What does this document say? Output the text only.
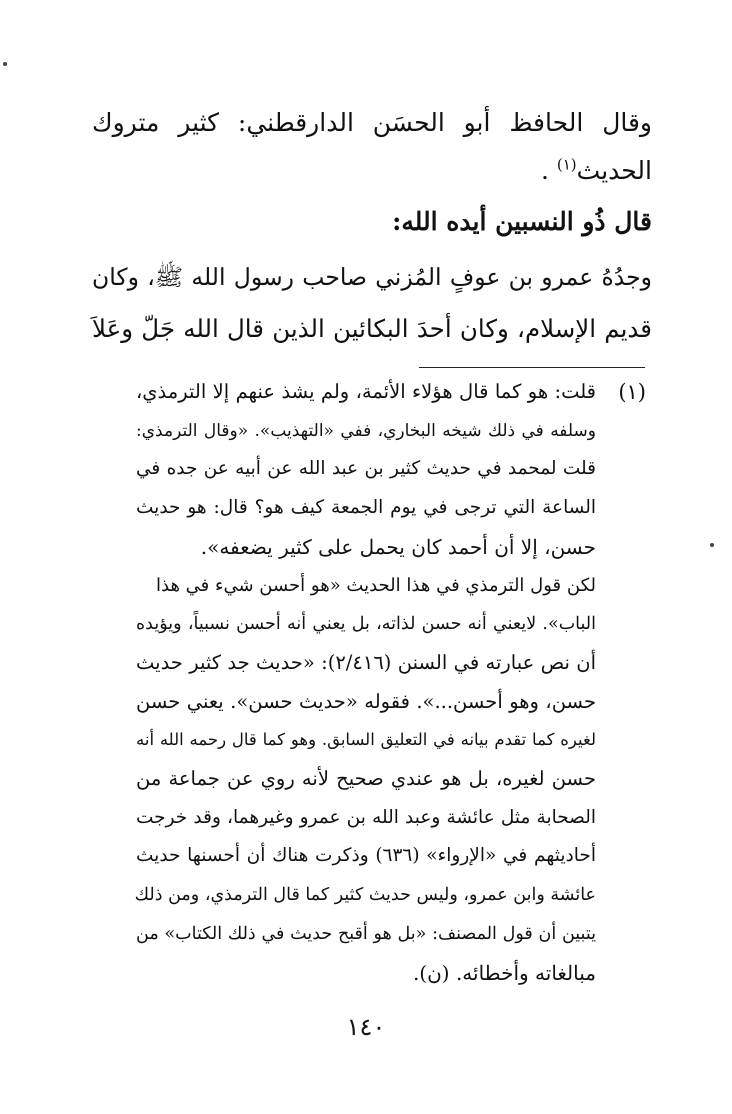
وقال الحافظ أبو الحسَن الدارقطني: كثير متروك
الحديث$^{(١)}$ .
قال ذُو النسبين أيده الله:
وجدُهُ عمرو بن عوفٍ المُزني صاحب رسول الله ﷺ، وكان
قديم الإسلام، وكان أحدَ البكائين الذين قال الله جَلّ وعَلاَ
(١)
قلت: هو كما قال هؤلاء الأئمة، ولم يشذ عنهم إلا الترمذي،
وسلفه في ذلك شيخه البخاري، ففي «التهذيب». «وقال الترمذي:
قلت لمحمد في حديث كثير بن عبد الله عن أبيه عن جده في
الساعة التي ترجى في يوم الجمعة كيف هو؟ قال: هو حديث
حسن، إلا أن أحمد كان يحمل على كثير يضعفه».
لكن قول الترمذي في هذا الحديث «هو أحسن شيء في هذا
الباب». لايعني أنه حسن لذاته، بل يعني أنه أحسن نسبياً، ويؤيده
أن نص عبارته في السنن (٢/٤١٦): «حديث جد كثير حديث
حسن، وهو أحسن...». فقوله «حديث حسن». يعني حسن
لغيره كما تقدم بيانه في التعليق السابق. وهو كما قال رحمه الله أنه
حسن لغيره، بل هو عندي صحيح لأنه روي عن جماعة من
الصحابة مثل عائشة وعبد الله بن عمرو وغيرهما، وقد خرجت
أحاديثهم في «الإرواء» (٦٣٦) وذكرت هناك أن أحسنها حديث
عائشة وابن عمرو، وليس حديث كثير كما قال الترمذي، ومن ذلك
يتبين أن قول المصنف: «بل هو أقبح حديث في ذلك الكتاب» من
مبالغاته وأخطائه. (ن).
١٤٠
